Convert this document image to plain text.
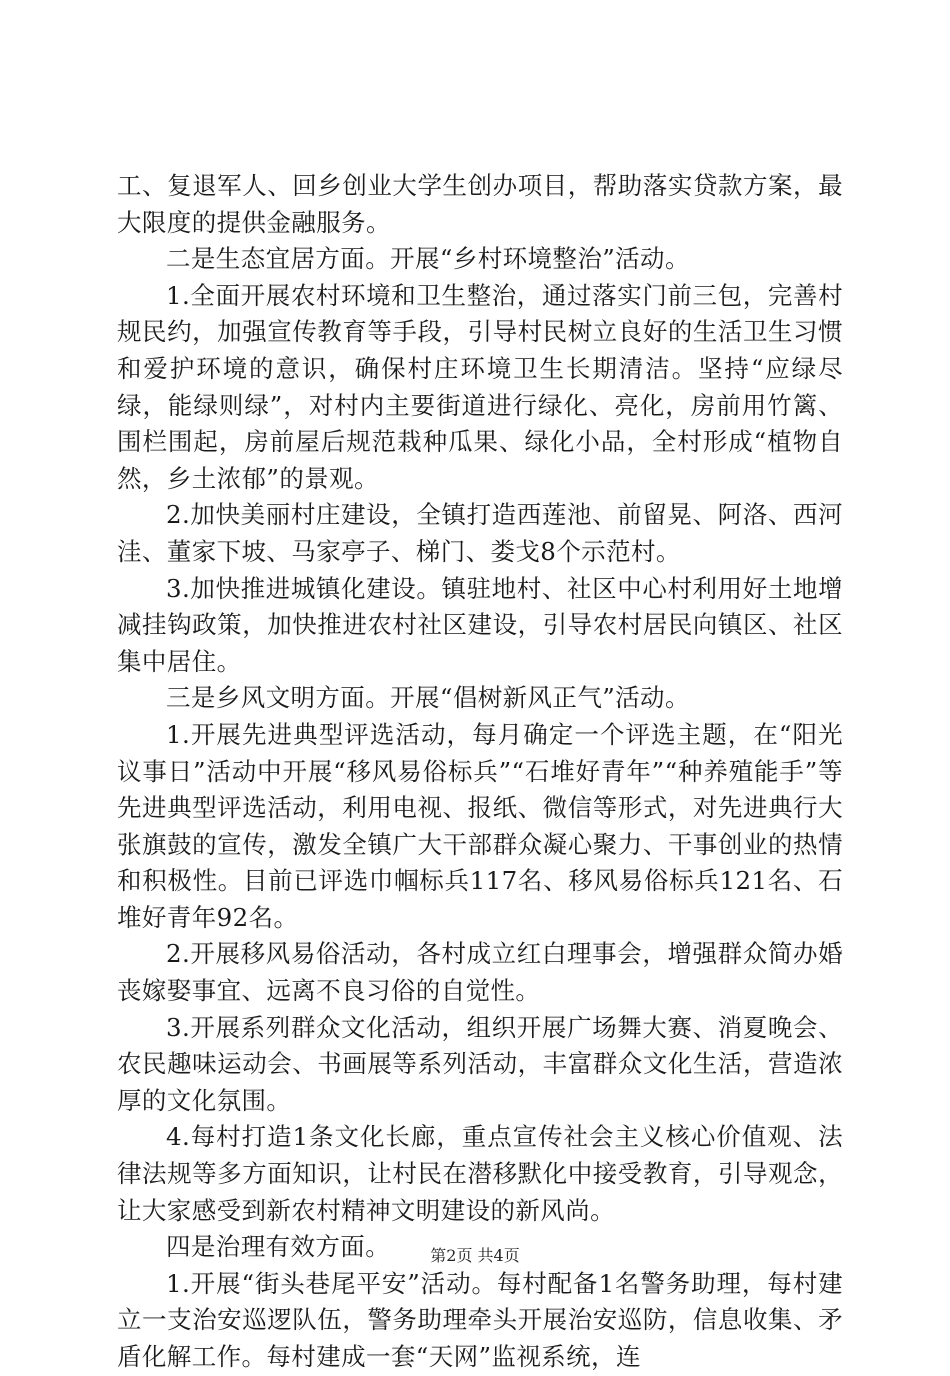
工、复退军人、回乡创业大学生创办项目，帮助落实贷款方案，最大限度的提供金融服务。

二是生态宜居方面。开展“乡村环境整治”活动。

1.全面开展农村环境和卫生整治，通过落实门前三包，完善村规民约，加强宣传教育等手段，引导村民树立良好的生活卫生习惯和爱护环境的意识，确保村庄环境卫生长期清洁。坚持“应绿尽绿，能绿则绿”，对村内主要街道进行绿化、亮化，房前用竹篱、围栏围起，房前屋后规范栽种瓜果、绿化小品，全村形成“植物自然，乡土浓郁”的景观。

2.加快美丽村庄建设，全镇打造西莲池、前留晃、阿洛、西河洼、董家下坡、马家亭子、梯门、娄戈8个示范村。

3.加快推进城镇化建设。镇驻地村、社区中心村利用好土地增减挂钩政策，加快推进农村社区建设，引导农村居民向镇区、社区集中居住。

三是乡风文明方面。开展“倡树新风正气”活动。

1.开展先进典型评选活动，每月确定一个评选主题，在“阳光议事日”活动中开展“移风易俗标兵”“石堆好青年”“种养殖能手”等先进典型评选活动，利用电视、报纸、微信等形式，对先进典行大张旗鼓的宣传，激发全镇广大干部群众凝心聚力、干事创业的热情和积极性。目前已评选巾帼标兵117名、移风易俗标兵121名、石堆好青年92名。

2.开展移风易俗活动，各村成立红白理事会，增强群众简办婚丧嫁娶事宜、远离不良习俗的自觉性。

3.开展系列群众文化活动，组织开展广场舞大赛、消夏晚会、农民趣味运动会、书画展等系列活动，丰富群众文化生活，营造浓厚的文化氛围。

4.每村打造1条文化长廊，重点宣传社会主义核心价值观、法律法规等多方面知识，让村民在潜移默化中接受教育，引导观念，让大家感受到新农村精神文明建设的新风尚。

四是治理有效方面。

1.开展“街头巷尾平安”活动。每村配备1名警务助理，每村建立一支治安巡逻队伍，警务助理牵头开展治安巡防，信息收集、矛盾化解工作。每村建成一套“天网”监视系统，连

第2页 共4页
